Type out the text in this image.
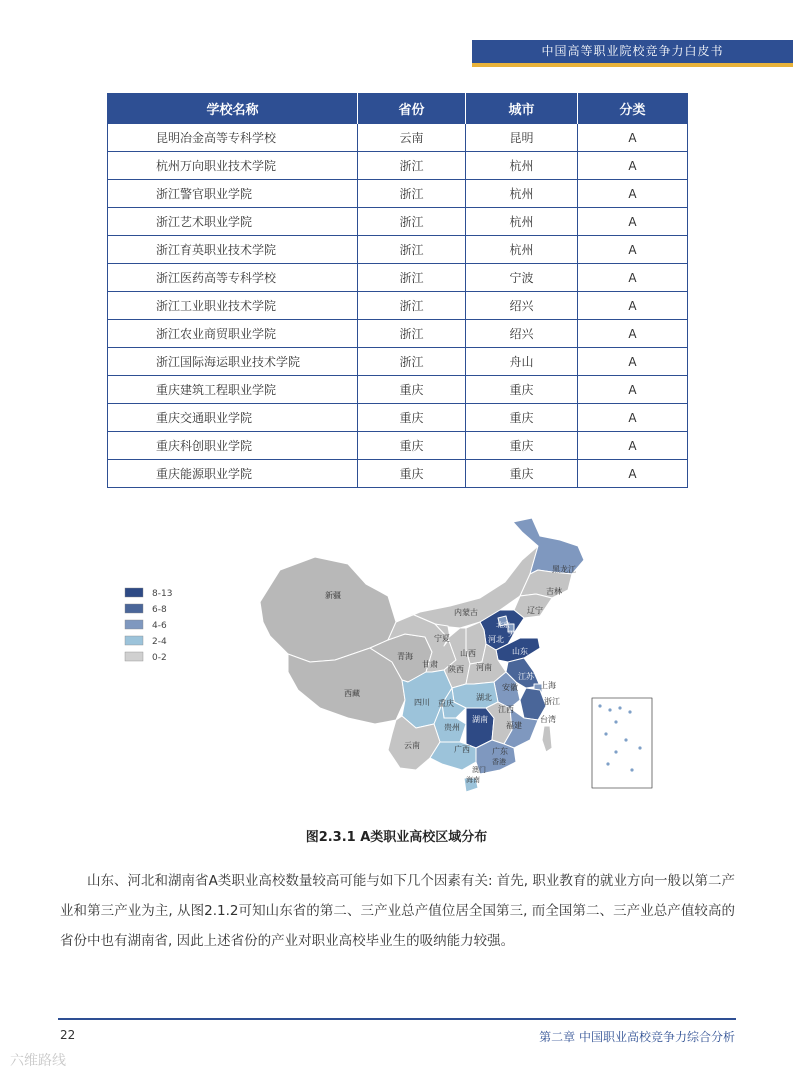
中国高等职业院校竞争力白皮书
学校名称	省份	城市	分类
昆明冶金高等专科学校	云南	昆明	A
杭州万向职业技术学院	浙江	杭州	A
浙江警官职业学院	浙江	杭州	A
浙江艺术职业学院	浙江	杭州	A
浙江育英职业技术学院	浙江	杭州	A
浙江医药高等专科学校	浙江	宁波	A
浙江工业职业技术学院	浙江	绍兴	A
浙江农业商贸职业学院	浙江	绍兴	A
浙江国际海运职业技术学院	浙江	舟山	A
重庆建筑工程职业学院	重庆	重庆	A
重庆交通职业学院	重庆	重庆	A
重庆科创职业学院	重庆	重庆	A
重庆能源职业学院	重庆	重庆	A
8-13
6-8
4-6
2-4
0-2
新疆
西藏
青海
内蒙古
黑龙江
吉林
辽宁
北京
天津
河北
山西	山东
宁夏
甘肃
陕西 河南
江苏
安徽	上海
浙江
四川 重庆
湖北
江西
湖南
贵州	福建
台湾
云南	广西	广东
香港
澳门
海南
图2.3.1 A类职业高校区域分布
山东、河北和湖南省A类职业高校数量较高可能与如下几个因素有关: 首先, 职业教育的就业方向一般以第二产业和第三产业为主, 从图2.1.2可知山东省的第二、三产业总产值位居全国第三, 而全国第二、三产业总产值较高的省份中也有湖南省, 因此上述省份的产业对职业高校毕业生的吸纳能力较强。
22	第二章 中国职业高校竞争力综合分析
六维路线
